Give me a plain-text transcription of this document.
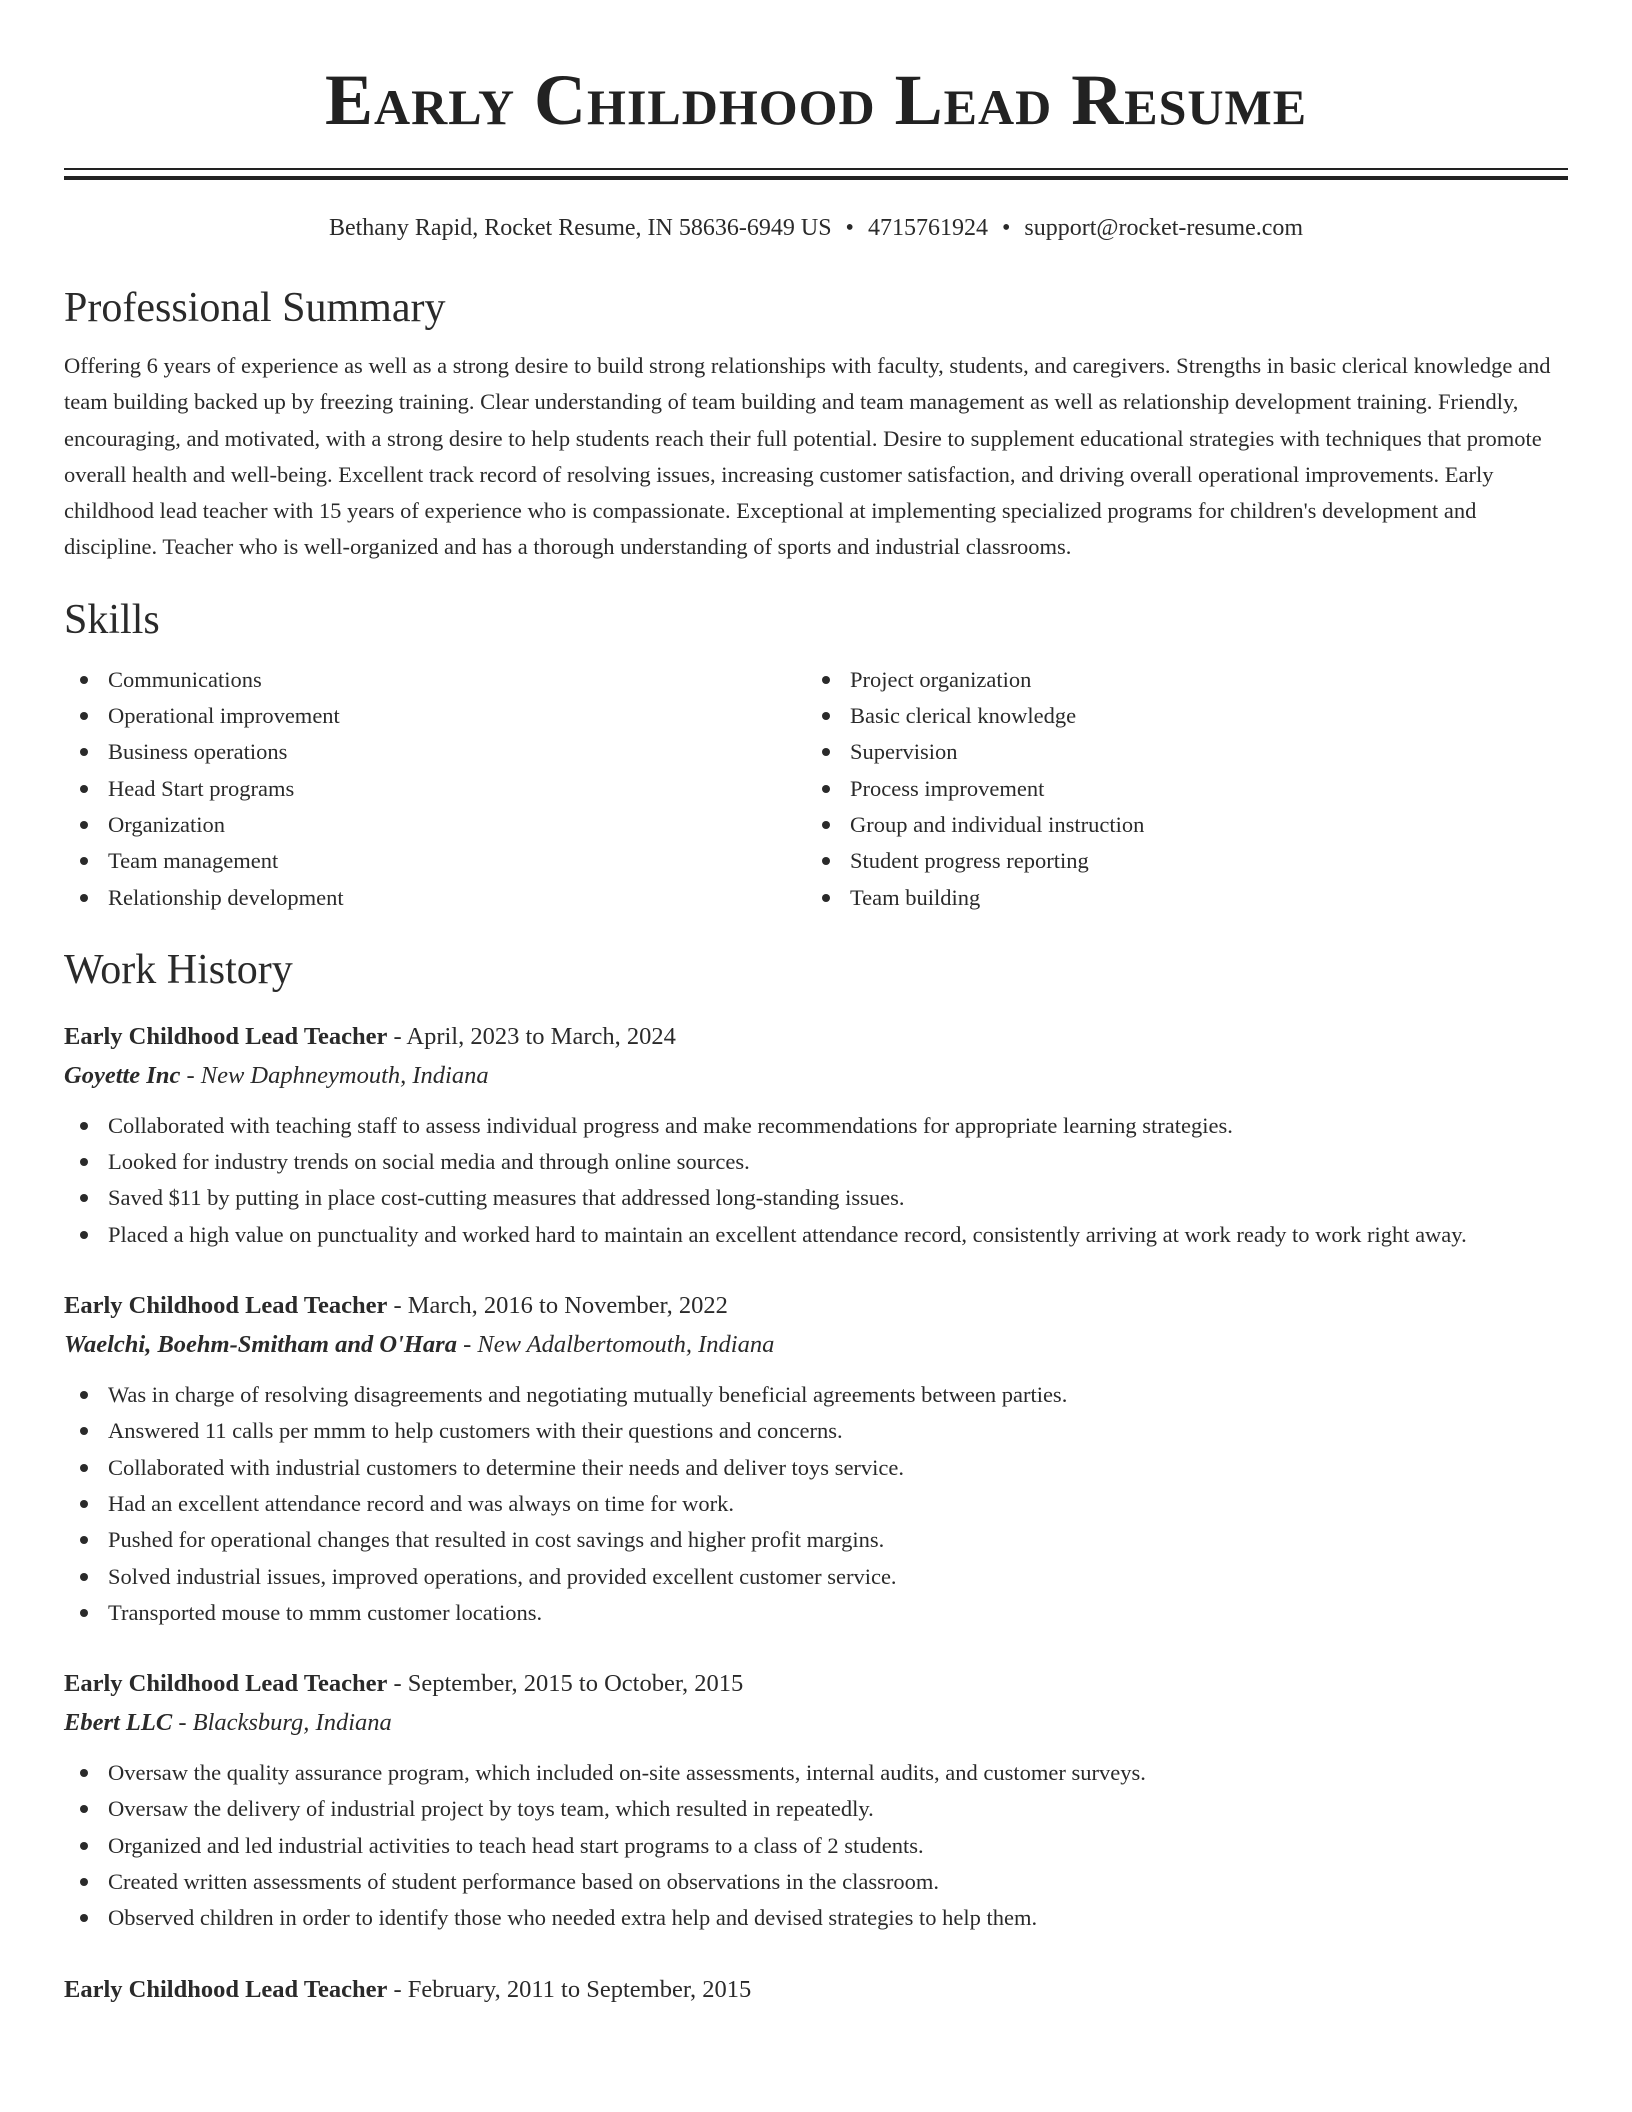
Early Childhood Lead Resume
Bethany Rapid, Rocket Resume, IN 58636-6949 US • 4715761924 • support@rocket-resume.com
Professional Summary

Offering 6 years of experience as well as a strong desire to build strong relationships with faculty, students, and caregivers. Strengths in basic clerical knowledge and team building backed up by freezing training. Clear understanding of team building and team management as well as relationship development training. Friendly, encouraging, and motivated, with a strong desire to help students reach their full potential. Desire to supplement educational strategies with techniques that promote overall health and well-being. Excellent track record of resolving issues, increasing customer satisfaction, and driving overall operational improvements. Early childhood lead teacher with 15 years of experience who is compassionate. Exceptional at implementing specialized programs for children's development and discipline. Teacher who is well-organized and has a thorough understanding of sports and industrial classrooms.

Skills
Communications
Operational improvement
Business operations
Head Start programs
Organization
Team management
Relationship development
Project organization
Basic clerical knowledge
Supervision
Process improvement
Group and individual instruction
Student progress reporting
Team building
Work History
Early Childhood Lead Teacher - April, 2023 to March, 2024
Goyette Inc - New Daphneymouth, Indiana
Collaborated with teaching staff to assess individual progress and make recommendations for appropriate learning strategies.
Looked for industry trends on social media and through online sources.
Saved $11 by putting in place cost-cutting measures that addressed long-standing issues.
Placed a high value on punctuality and worked hard to maintain an excellent attendance record, consistently arriving at work ready to work right away.
Early Childhood Lead Teacher - March, 2016 to November, 2022
Waelchi, Boehm-Smitham and O'Hara - New Adalbertomouth, Indiana
Was in charge of resolving disagreements and negotiating mutually beneficial agreements between parties.
Answered 11 calls per mmm to help customers with their questions and concerns.
Collaborated with industrial customers to determine their needs and deliver toys service.
Had an excellent attendance record and was always on time for work.
Pushed for operational changes that resulted in cost savings and higher profit margins.
Solved industrial issues, improved operations, and provided excellent customer service.
Transported mouse to mmm customer locations.
Early Childhood Lead Teacher - September, 2015 to October, 2015
Ebert LLC - Blacksburg, Indiana
Oversaw the quality assurance program, which included on-site assessments, internal audits, and customer surveys.
Oversaw the delivery of industrial project by toys team, which resulted in repeatedly.
Organized and led industrial activities to teach head start programs to a class of 2 students.
Created written assessments of student performance based on observations in the classroom.
Observed children in order to identify those who needed extra help and devised strategies to help them.
Early Childhood Lead Teacher - February, 2011 to September, 2015
